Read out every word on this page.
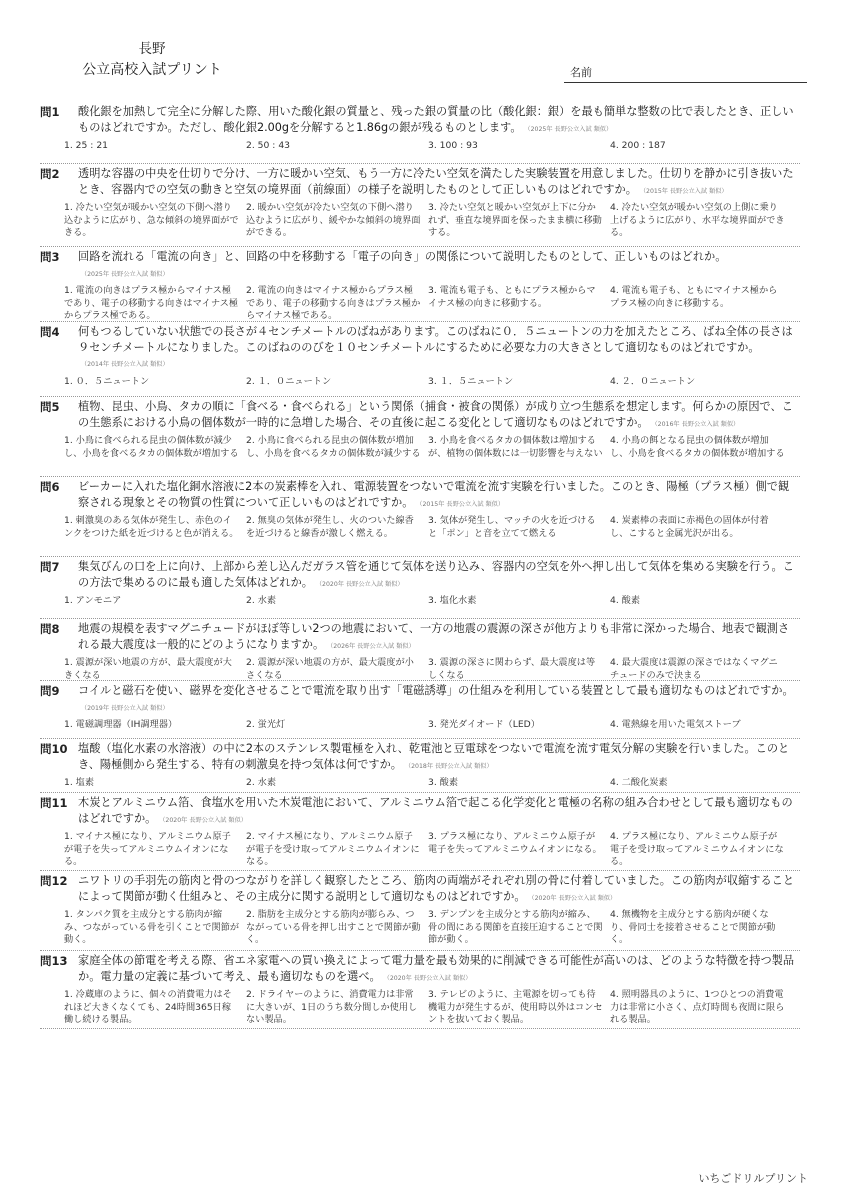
長野
公立高校入試プリント	名前
問1 酸化銀を加熱して完全に分解した際、用いた酸化銀の質量と、残った銀の質量の比（酸化銀：銀）を最も簡単な整数の比で表したとき、正しいものはどれですか。ただし、酸化銀2.00gを分解すると1.86gの銀が残るものとします。 （2025年 長野公立入試 類似）
1. 25 : 21	2. 50 : 43	3. 100 : 93	4. 200 : 187
問2 透明な容器の中央を仕切りで分け、一方に暖かい空気、もう一方に冷たい空気を満たした実験装置を用意しました。仕切りを静かに引き抜いたとき、容器内での空気の動きと空気の境界面（前線面）の様子を説明したものとして正しいものはどれですか。 （2015年 長野公立入試 類似）
1. 冷たい空気が暖かい空気の下側へ潜り込むように広がり、急な傾斜の境界面ができる。
2. 暖かい空気が冷たい空気の下側へ潜り込むように広がり、緩やかな傾斜の境界面ができる。
3. 冷たい空気と暖かい空気が上下に分かれず、垂直な境界面を保ったまま横に移動する。
4. 冷たい空気が暖かい空気の上側に乗り上げるように広がり、水平な境界面ができる。
問3 回路を流れる「電流の向き」と、回路の中を移動する「電子の向き」の関係について説明したものとして、正しいものはどれか。（2025年 長野公立入試 類似）
1. 電流の向きはプラス極からマイナス極であり、電子の移動する向きはマイナス極からプラス極である。
2. 電流の向きはマイナス極からプラス極であり、電子の移動する向きはプラス極からマイナス極である。
3. 電流も電子も、ともにプラス極からマイナス極の向きに移動する。
4. 電流も電子も、ともにマイナス極からプラス極の向きに移動する。
問4 何もつるしていない状態での長さが４センチメートルのばねがあります。このばねに０．５ニュートンの力を加えたところ、ばね全体の長さは９センチメートルになりました。このばねののびを１０センチメートルにするために必要な力の大きさとして適切なものはどれですか。（2014年 長野公立入試 類似）
1. ０．５ニュートン	2. １．０ニュートン	3. １．５ニュートン	4. ２．０ニュートン
問5 植物、昆虫、小鳥、タカの順に「食べる・食べられる」という関係（捕食・被食の関係）が成り立つ生態系を想定します。何らかの原因で、この生態系における小鳥の個体数が一時的に急増した場合、その直後に起こる変化として適切なものはどれですか。 （2016年 長野公立入試 類似）
1. 小鳥に食べられる昆虫の個体数が減少し、小鳥を食べるタカの個体数が増加する
2. 小鳥に食べられる昆虫の個体数が増加し、小鳥を食べるタカの個体数が減少する
3. 小鳥を食べるタカの個体数は増加するが、植物の個体数には一切影響を与えない
4. 小鳥の餌となる昆虫の個体数が増加し、小鳥を食べるタカの個体数が増加する
問6 ビーカーに入れた塩化銅水溶液に2本の炭素棒を入れ、電源装置をつないで電流を流す実験を行いました。このとき、陽極（プラス極）側で観察される現象とその物質の性質について正しいものはどれですか。 （2015年 長野公立入試 類似）
1. 刺激臭のある気体が発生し、赤色のインクをつけた紙を近づけると色が消える。
2. 無臭の気体が発生し、火のついた線香を近づけると線香が激しく燃える。
3. 気体が発生し、マッチの火を近づけると「ポン」と音を立てて燃える
4. 炭素棒の表面に赤褐色の固体が付着し、こすると金属光沢が出る。
問7 集気びんの口を上に向け、上部から差し込んだガラス管を通じて気体を送り込み、容器内の空気を外へ押し出して気体を集める実験を行う。この方法で集めるのに最も適した気体はどれか。 （2020年 長野公立入試 類似）
1. アンモニア	2. 水素	3. 塩化水素	4. 酸素
問8 地震の規模を表すマグニチュードがほぼ等しい2つの地震において、一方の地震の震源の深さが他方よりも非常に深かった場合、地表で観測される最大震度は一般的にどのようになりますか。 （2026年 長野公立入試 類似）
1. 震源が深い地震の方が、最大震度が大きくなる
2. 震源が深い地震の方が、最大震度が小さくなる
3. 震源の深さに関わらず、最大震度は等しくなる
4. 最大震度は震源の深さではなくマグニチュードのみで決まる
問9 コイルと磁石を使い、磁界を変化させることで電流を取り出す「電磁誘導」の仕組みを利用している装置として最も適切なものはどれですか。（2019年 長野公立入試 類似）
1. 電磁調理器（IH調理器）	2. 蛍光灯	3. 発光ダイオード（LED）	4. 電熱線を用いた電気ストーブ
問10 塩酸（塩化水素の水溶液）の中に2本のステンレス製電極を入れ、乾電池と豆電球をつないで電流を流す電気分解の実験を行いました。このとき、陽極側から発生する、特有の刺激臭を持つ気体は何ですか。 （2018年 長野公立入試 類似）
1. 塩素	2. 水素	3. 酸素	4. 二酸化炭素
問11 木炭とアルミニウム箔、食塩水を用いた木炭電池において、アルミニウム箔で起こる化学変化と電極の名称の組み合わせとして最も適切なものはどれですか。 （2020年 長野公立入試 類似）
1. マイナス極になり、アルミニウム原子が電子を失ってアルミニウムイオンになる。
2. マイナス極になり、アルミニウム原子が電子を受け取ってアルミニウムイオンになる。
3. プラス極になり、アルミニウム原子が電子を失ってアルミニウムイオンになる。
4. プラス極になり、アルミニウム原子が電子を受け取ってアルミニウムイオンになる。
問12 ニワトリの手羽先の筋肉と骨のつながりを詳しく観察したところ、筋肉の両端がそれぞれ別の骨に付着していました。この筋肉が収縮することによって関節が動く仕組みと、その主成分に関する説明として適切なものはどれですか。 （2020年 長野公立入試 類似）
1. タンパク質を主成分とする筋肉が縮み、つながっている骨を引くことで関節が動く。
2. 脂肪を主成分とする筋肉が膨らみ、つながっている骨を押し出すことで関節が動く。
3. デンプンを主成分とする筋肉が縮み、骨の間にある関節を直接圧迫することで関節が動く。
4. 無機物を主成分とする筋肉が硬くなり、骨同士を接着させることで関節が動く。
問13 家庭全体の節電を考える際、省エネ家電への買い換えによって電力量を最も効果的に削減できる可能性が高いのは、どのような特徴を持つ製品か。電力量の定義に基づいて考え、最も適切なものを選べ。 （2020年 長野公立入試 類似）
1. 冷蔵庫のように、個々の消費電力はそれほど大きくなくても、24時間365日稼働し続ける製品。
2. ドライヤーのように、消費電力は非常に大きいが、1日のうち数分間しか使用しない製品。
3. テレビのように、主電源を切っても待機電力が発生するが、使用時以外はコンセントを抜いておく製品。
4. 照明器具のように、1つひとつの消費電力は非常に小さく、点灯時間も夜間に限られる製品。
いちごドリルプリント
